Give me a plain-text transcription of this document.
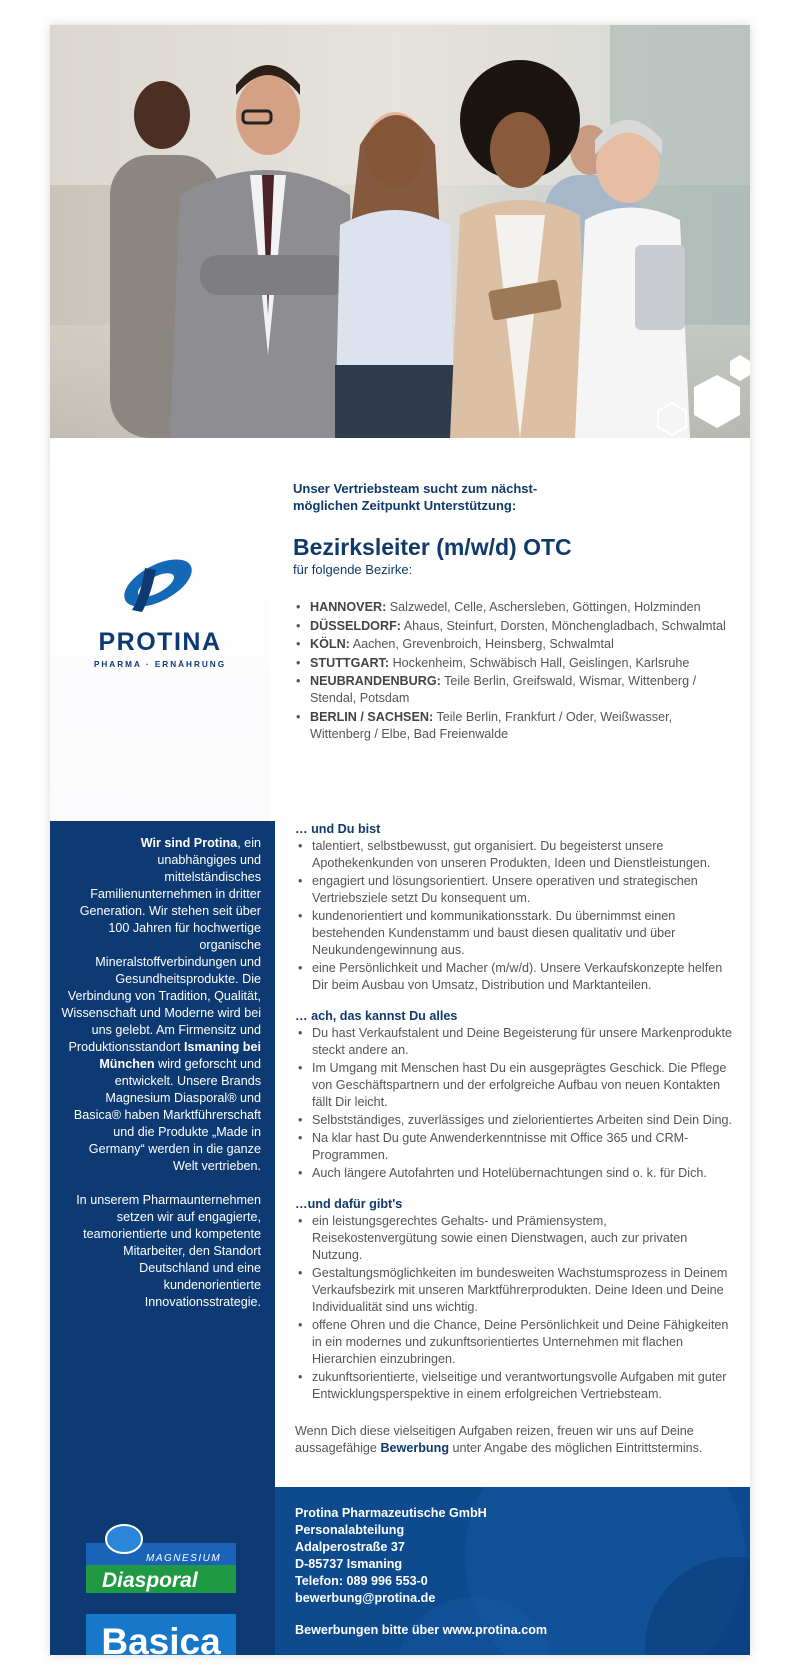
PROTINA
PHARMA · ERNÄHRUNG
Unser Vertriebsteam sucht zum nächst-möglichen Zeitpunkt Unterstützung:
Bezirksleiter (m/w/d) OTC
für folgende Bezirke:
• HANNOVER: Salzwedel, Celle, Aschersleben, Göttingen, Holzminden
• DÜSSELDORF: Ahaus, Steinfurt, Dorsten, Mönchengladbach, Schwalmtal
• KÖLN: Aachen, Grevenbroich, Heinsberg, Schwalmtal
• STUTTGART: Hockenheim, Schwäbisch Hall, Geislingen, Karlsruhe
• NEUBRANDENBURG: Teile Berlin, Greifswald, Wismar, Wittenberg / Stendal, Potsdam
• BERLIN / SACHSEN: Teile Berlin, Frankfurt / Oder, Weißwasser, Wittenberg / Elbe, Bad Freienwalde

Wir sind Protina, ein unabhängiges und mittelständisches Familienunternehmen in dritter Generation. Wir stehen seit über 100 Jahren für hochwertige organische Mineralstoffverbindungen und Gesundheitsprodukte. Die Verbindung von Tradition, Qualität, Wissenschaft und Moderne wird bei uns gelebt. Am Firmensitz und Produktionsstandort Ismaning bei München wird geforscht und entwickelt. Unsere Brands Magnesium Diasporal® und Basica® haben Marktführerschaft und die Produkte „Made in Germany“ werden in die ganze Welt vertrieben.

In unserem Pharmaunternehmen setzen wir auf engagierte, teamorientierte und kompetente Mitarbeiter, den Standort Deutschland und eine kundenorientierte Innovationsstrategie.

MAGNESIUM
Diasporal
Basica
… und Du bist
• talentiert, selbstbewusst, gut organisiert. Du begeisterst unsere Apothekenkunden von unseren Produkten, Ideen und Dienstleistungen.
• engagiert und lösungsorientiert. Unsere operativen und strategischen Vertriebsziele setzt Du konsequent um.
• kundenorientiert und kommunikationsstark. Du übernimmst einen bestehenden Kundenstamm und baust diesen qualitativ und über Neukundengewinnung aus.
• eine Persönlichkeit und Macher (m/w/d). Unsere Verkaufskonzepte helfen Dir beim Ausbau von Umsatz, Distribution und Marktanteilen.
… ach, das kannst Du alles
• Du hast Verkaufstalent und Deine Begeisterung für unsere Markenprodukte steckt andere an.
• Im Umgang mit Menschen hast Du ein ausgeprägtes Geschick. Die Pflege von Geschäftspartnern und der erfolgreiche Aufbau von neuen Kontakten fällt Dir leicht.
• Selbstständiges, zuverlässiges und zielorientiertes Arbeiten sind Dein Ding.
• Na klar hast Du gute Anwenderkenntnisse mit Office 365 und CRM-Programmen.
• Auch längere Autofahrten und Hotelübernachtungen sind o. k. für Dich.
…und dafür gibt's
• ein leistungsgerechtes Gehalts- und Prämiensystem, Reisekostenvergütung sowie einen Dienstwagen, auch zur privaten Nutzung.
• Gestaltungsmöglichkeiten im bundesweiten Wachstumsprozess in Deinem Verkaufsbezirk mit unseren Marktführerprodukten. Deine Ideen und Deine Individualität sind uns wichtig.
• offene Ohren und die Chance, Deine Persönlichkeit und Deine Fähigkeiten in ein modernes und zukunftsorientiertes Unternehmen mit flachen Hierarchien einzubringen.
• zukunftsorientierte, vielseitige und verantwortungsvolle Aufgaben mit guter Entwicklungsperspektive in einem erfolgreichen Vertriebsteam.
Wenn Dich diese vielseitigen Aufgaben reizen, freuen wir uns auf Deine aussagefähige Bewerbung unter Angabe des möglichen Eintrittstermins.
Protina Pharmazeutische GmbH
Personalabteilung
Adalperostraße 37
D-85737 Ismaning
Telefon: 089 996 553-0
bewerbung@protina.de
Bewerbungen bitte über www.protina.com
